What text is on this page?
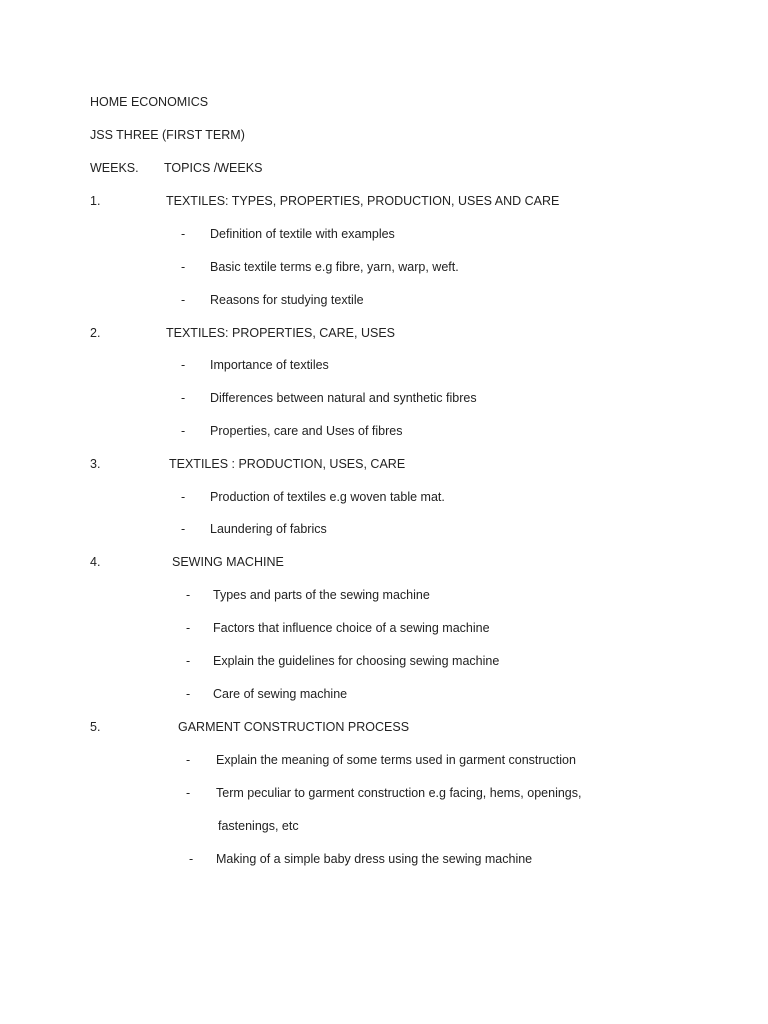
HOME ECONOMICS
JSS THREE (FIRST TERM)
WEEKS. TOPICS /WEEKS
1.	TEXTILES: TYPES, PROPERTIES, PRODUCTION, USES AND CARE
- Definition of textile with examples
- Basic textile terms e.g fibre, yarn, warp, weft.
- Reasons for studying textile
2.	TEXTILES: PROPERTIES, CARE, USES
- Importance of textiles
- Differences between natural and synthetic fibres
- Properties, care and Uses of fibres
3.	TEXTILES : PRODUCTION, USES, CARE
- Production of textiles e.g woven table mat.
- Laundering of fabrics
4.	SEWING MACHINE
- Types and parts of the sewing machine
- Factors that influence choice of a sewing machine
- Explain the guidelines for choosing sewing machine
- Care of sewing machine
5.	GARMENT CONSTRUCTION PROCESS
- Explain the meaning of some terms used in garment construction
- Term peculiar to garment construction e.g facing, hems, openings,
fastenings, etc
- Making of a simple baby dress using the sewing machine
